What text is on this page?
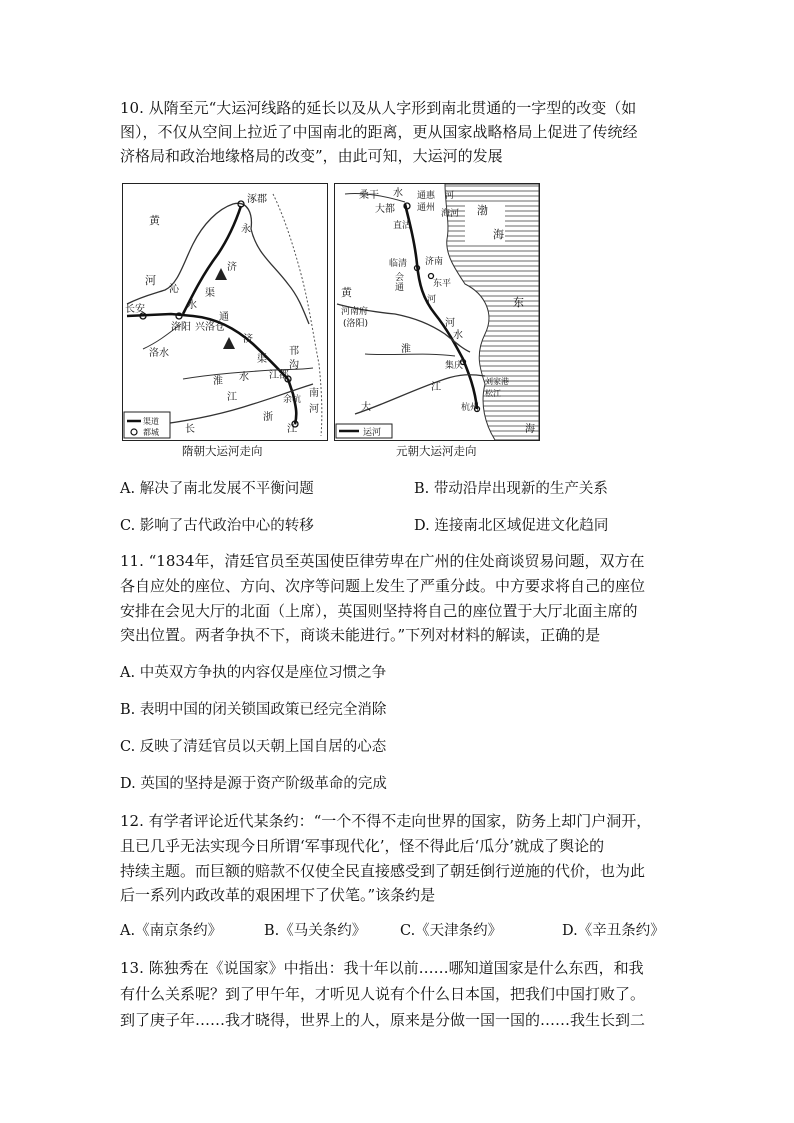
10. 从隋至元“大运河线路的延长以及从人字形到南北贯通的一字型的改变（如
图），不仅从空间上拉近了中国南北的距离，更从国家战略格局上促进了传统经
济格局和政治地缘格局的改变”，由此可知，大运河的发展
黄
河
涿郡
永
济
沁
水
渠
长安
洛阳 兴洛仓
通
洛水
济
渠
淮 水
邗
沟
江都
余杭
江
浙
江
长
南
河
渠道
都城
桑干 水
大都
通惠
通州
河
直沽
海河 渤
海
临清
会
通
河
济南
东平
黄
河
河南府
(洛阳)
东
淮
水
集庆
江
刘家港
松江
杭州
大
海
运河
隋朝大运河走向	元朝大运河走向
A. 解决了南北发展不平衡问题	B. 带动沿岸出现新的生产关系
C. 影响了古代政治中心的转移	D. 连接南北区域促进文化趋同
11. “1834年，清廷官员至英国使臣律劳卑在广州的住处商谈贸易问题，双方在
各自应处的座位、方向、次序等问题上发生了严重分歧。中方要求将自己的座位
安排在会见大厅的北面（上席），英国则坚持将自己的座位置于大厅北面主席的
突出位置。两者争执不下，商谈未能进行。”下列对材料的解读，正确的是
A. 中英双方争执的内容仅是座位习惯之争
B. 表明中国的闭关锁国政策已经完全消除
C. 反映了清廷官员以天朝上国自居的心态
D. 英国的坚持是源于资产阶级革命的完成
12. 有学者评论近代某条约：“一个不得不走向世界的国家，防务上却门户洞开，
且已几乎无法实现今日所谓‘军事现代化’，怪不得此后‘瓜分’就成了舆论的
持续主题。而巨额的赔款不仅使全民直接感受到了朝廷倒行逆施的代价，也为此
后一系列内政改革的艰困埋下了伏笔。”该条约是
A.《南京条约》	B.《马关条约》 C.《天津条约》	D.《辛丑条约》
13. 陈独秀在《说国家》中指出：我十年以前……哪知道国家是什么东西，和我
有什么关系呢？到了甲午年，才听见人说有个什么日本国，把我们中国打败了。
到了庚子年……我才晓得，世界上的人，原来是分做一国一国的……我生长到二
